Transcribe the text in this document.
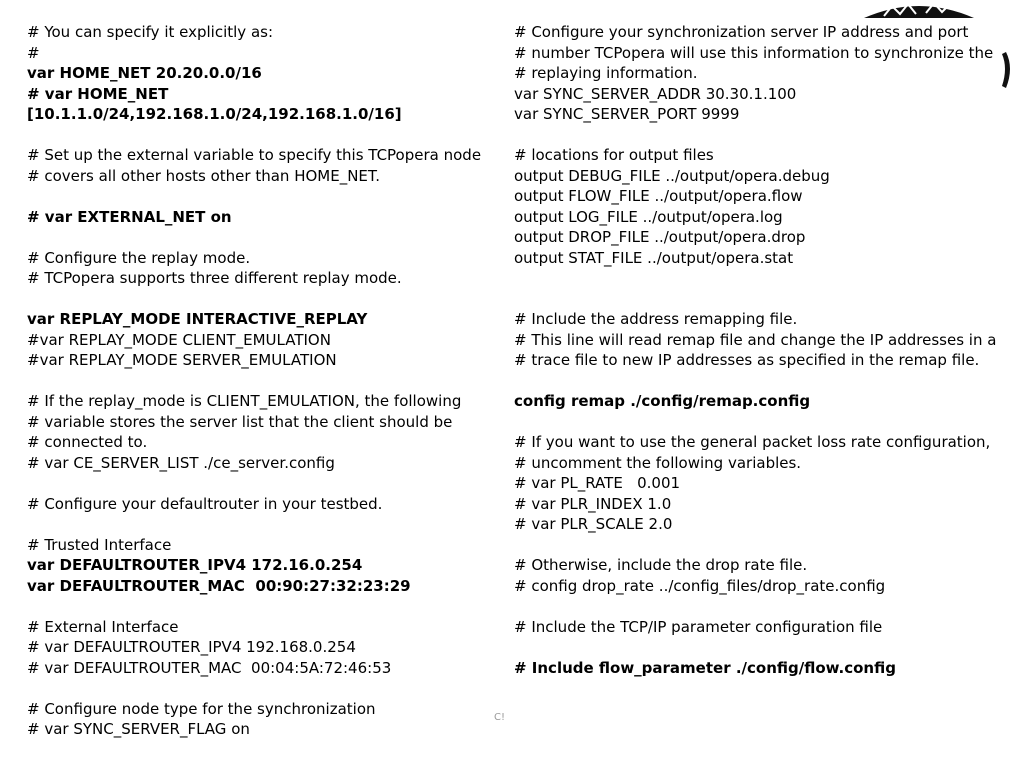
# You can specify it explicitly as:
#
var HOME_NET 20.20.0.0/16
# var HOME_NET
[10.1.1.0/24,192.168.1.0/24,192.168.1.0/16]
# Set up the external variable to specify this TCPopera node
# covers all other hosts other than HOME_NET.
# var EXTERNAL_NET on
# Configure the replay mode.
# TCPopera supports three different replay mode.
var REPLAY_MODE INTERACTIVE_REPLAY
#var REPLAY_MODE CLIENT_EMULATION
#var REPLAY_MODE SERVER_EMULATION
# If the replay_mode is CLIENT_EMULATION, the following
# variable stores the server list that the client should be
# connected to.
# var CE_SERVER_LIST ./ce_server.config
# Configure your defaultrouter in your testbed.
# Trusted Interface
var DEFAULTROUTER_IPV4 172.16.0.254
var DEFAULTROUTER_MAC  00:90:27:32:23:29
# External Interface
# var DEFAULTROUTER_IPV4 192.168.0.254
# var DEFAULTROUTER_MAC  00:04:5A:72:46:53
# Configure node type for the synchronization
# var SYNC_SERVER_FLAG on
# Configure your synchronization server IP address and port
# number TCPopera will use this information to synchronize the
# replaying information.
var SYNC_SERVER_ADDR 30.30.1.100
var SYNC_SERVER_PORT 9999
# locations for output files
output DEBUG_FILE ../output/opera.debug
output FLOW_FILE ../output/opera.flow
output LOG_FILE ../output/opera.log
output DROP_FILE ../output/opera.drop
output STAT_FILE ../output/opera.stat
# Include the address remapping file.
# This line will read remap file and change the IP addresses in a
# trace file to new IP addresses as specified in the remap file.
config remap ./config/remap.config
# If you want to use the general packet loss rate configuration,
# uncomment the following variables.
# var PL_RATE   0.001
# var PLR_INDEX 1.0
# var PLR_SCALE 2.0
# Otherwise, include the drop rate file.
# config drop_rate ../config_files/drop_rate.config
# Include the TCP/IP parameter configuration file
# Include flow_parameter ./config/flow.config
C!
